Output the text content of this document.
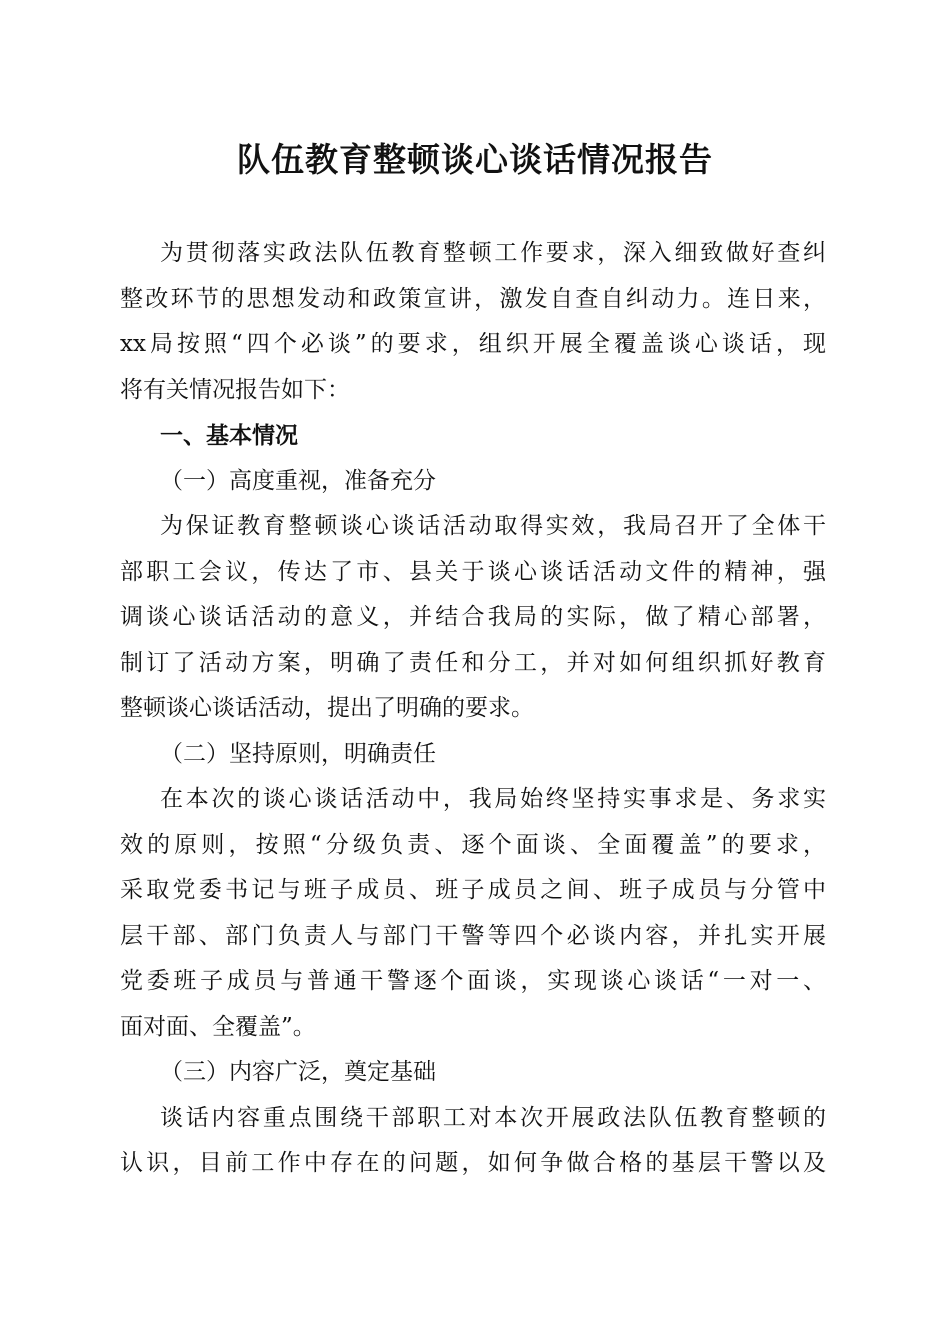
队伍教育整顿谈心谈话情况报告
为贯彻落实政法队伍教育整顿工作要求，深入细致做好查纠
整改环节的思想发动和政策宣讲，激发自查自纠动力。连日来，
xx局按照“四个必谈”的要求，组织开展全覆盖谈心谈话，现
将有关情况报告如下：
一、基本情况
（一）高度重视，准备充分
为保证教育整顿谈心谈话活动取得实效，我局召开了全体干
部职工会议，传达了市、县关于谈心谈话活动文件的精神，强
调谈心谈话活动的意义，并结合我局的实际，做了精心部署，
制订了活动方案，明确了责任和分工，并对如何组织抓好教育
整顿谈心谈话活动，提出了明确的要求。
（二）坚持原则，明确责任
在本次的谈心谈话活动中，我局始终坚持实事求是、务求实
效的原则，按照“分级负责、逐个面谈、全面覆盖”的要求，
采取党委书记与班子成员、班子成员之间、班子成员与分管中
层干部、部门负责人与部门干警等四个必谈内容，并扎实开展
党委班子成员与普通干警逐个面谈，实现谈心谈话“一对一、
面对面、全覆盖”。
（三）内容广泛，奠定基础
谈话内容重点围绕干部职工对本次开展政法队伍教育整顿的
认识，目前工作中存在的问题，如何争做合格的基层干警以及
